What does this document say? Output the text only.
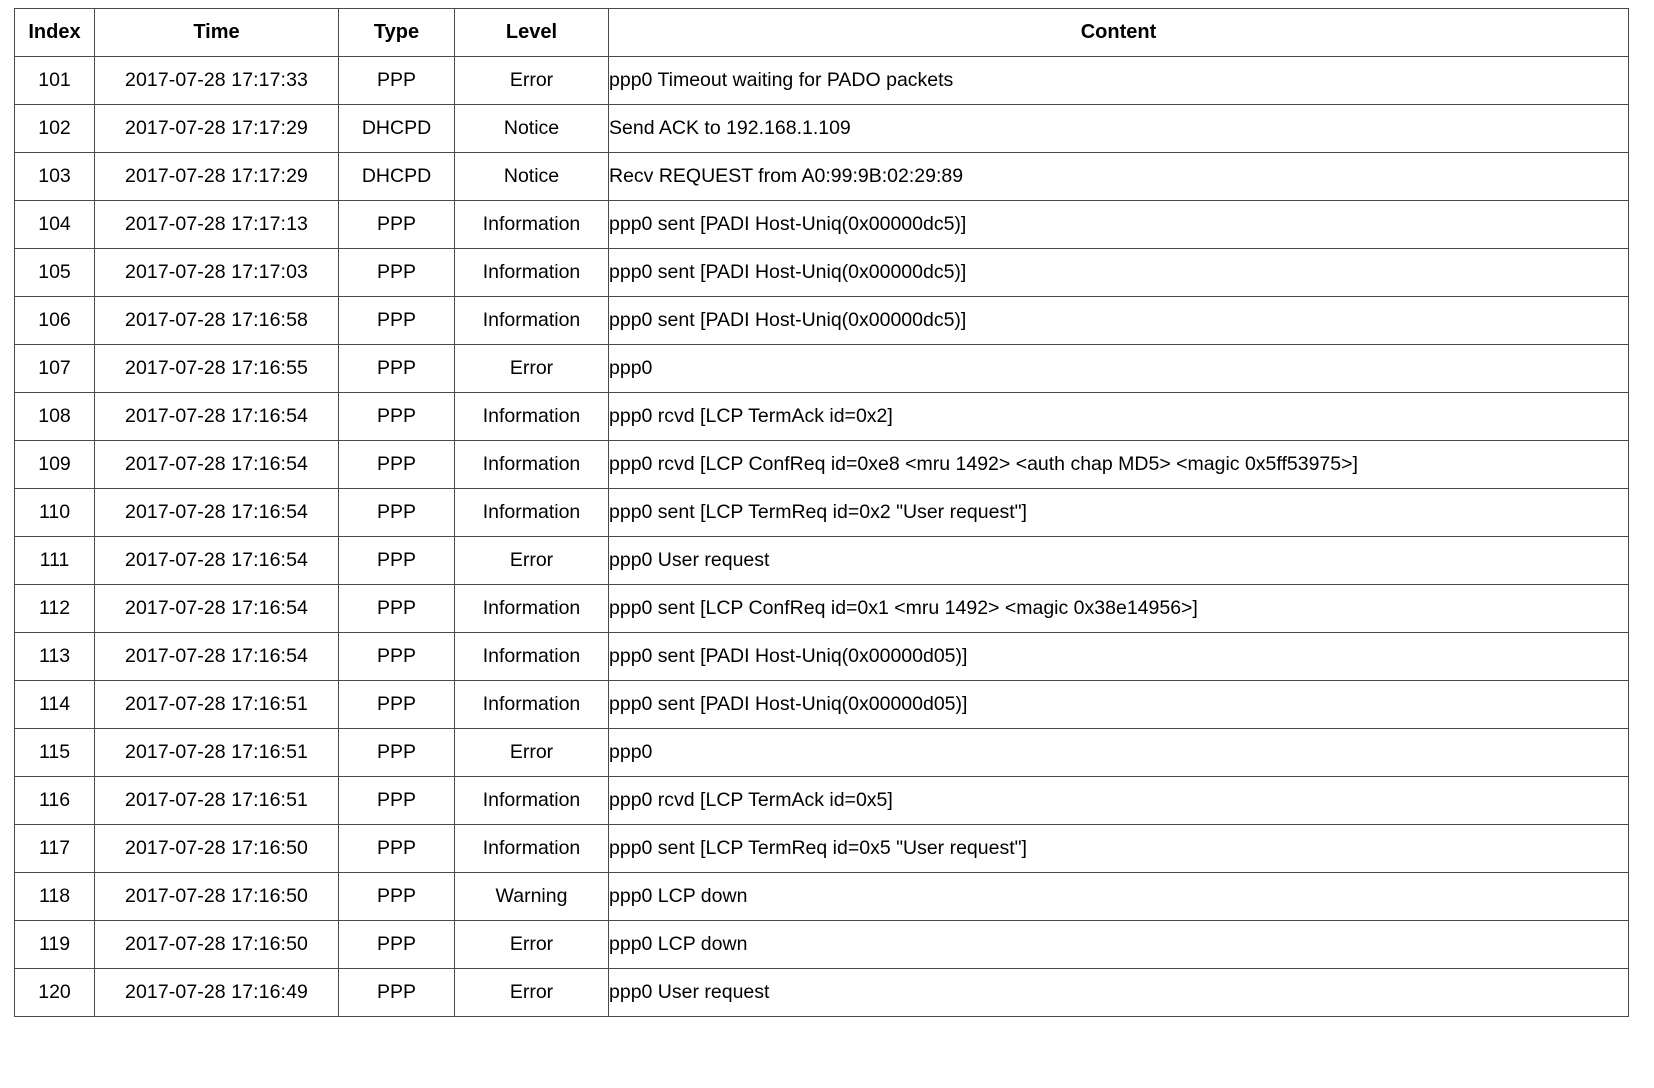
Index	Time	Type	Level	Content
101	2017-07-28 17:17:33	PPP	Error	ppp0 Timeout waiting for PADO packets
102	2017-07-28 17:17:29	DHCPD	Notice	Send ACK to 192.168.1.109
103	2017-07-28 17:17:29	DHCPD	Notice	Recv REQUEST from A0:99:9B:02:29:89
104	2017-07-28 17:17:13	PPP	Information	ppp0 sent [PADI Host-Uniq(0x00000dc5)]
105	2017-07-28 17:17:03	PPP	Information	ppp0 sent [PADI Host-Uniq(0x00000dc5)]
106	2017-07-28 17:16:58	PPP	Information	ppp0 sent [PADI Host-Uniq(0x00000dc5)]
107	2017-07-28 17:16:55	PPP	Error	ppp0
108	2017-07-28 17:16:54	PPP	Information	ppp0 rcvd [LCP TermAck id=0x2]
109	2017-07-28 17:16:54	PPP	Information	ppp0 rcvd [LCP ConfReq id=0xe8 <mru 1492> <auth chap MD5> <magic 0x5ff53975>]
110	2017-07-28 17:16:54	PPP	Information	ppp0 sent [LCP TermReq id=0x2 "User request"]
111	2017-07-28 17:16:54	PPP	Error	ppp0 User request
112	2017-07-28 17:16:54	PPP	Information	ppp0 sent [LCP ConfReq id=0x1 <mru 1492> <magic 0x38e14956>]
113	2017-07-28 17:16:54	PPP	Information	ppp0 sent [PADI Host-Uniq(0x00000d05)]
114	2017-07-28 17:16:51	PPP	Information	ppp0 sent [PADI Host-Uniq(0x00000d05)]
115	2017-07-28 17:16:51	PPP	Error	ppp0
116	2017-07-28 17:16:51	PPP	Information	ppp0 rcvd [LCP TermAck id=0x5]
117	2017-07-28 17:16:50	PPP	Information	ppp0 sent [LCP TermReq id=0x5 "User request"]
118	2017-07-28 17:16:50	PPP	Warning	ppp0 LCP down
119	2017-07-28 17:16:50	PPP	Error	ppp0 LCP down
120	2017-07-28 17:16:49	PPP	Error	ppp0 User request
